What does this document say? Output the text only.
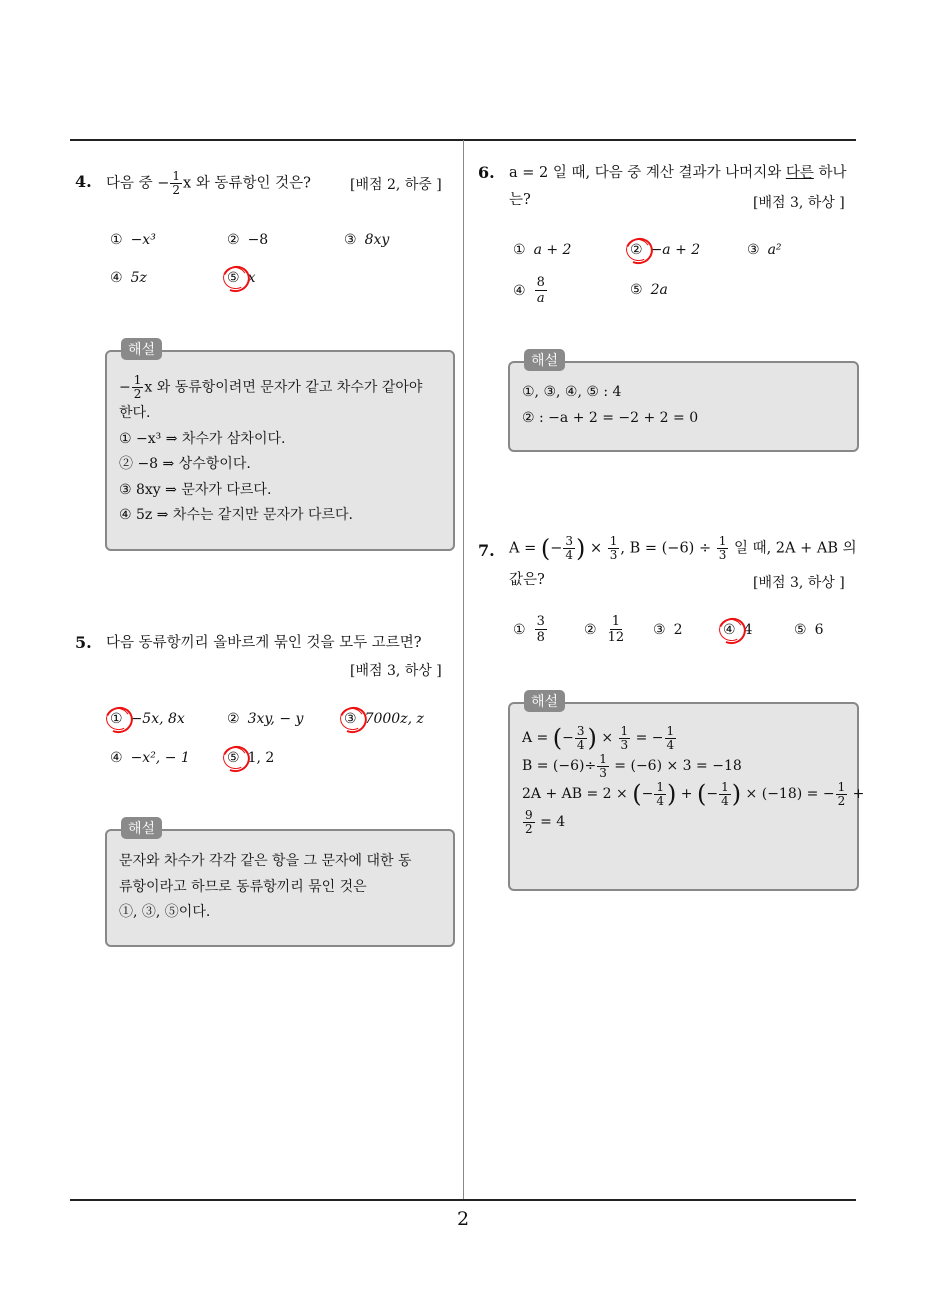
2
4. 다음 중 − $\frac{1}{2}$ x 와 동류항인 것은?	[배점 2, 하중 ]
① −x³	② −8	③ 8xy
④ 5z	⑤ x
해설
− $\frac{1}{2}$ x 와 동류항이려면 문자가 같고 차수가 같아야
한다.
① −x³ ⇒ 차수가 삼차이다.
② −8 ⇒ 상수항이다.
③ 8xy ⇒ 문자가 다르다.
④ 5z ⇒ 차수는 같지만 문자가 다르다.
5. 다음 동류항끼리 올바르게 묶인 것을 모두 고르면?
[배점 3, 하상 ]
① −5x, 8x	② 3xy, − y	③ 7000z, z
④ −x², − 1	⑤ 1, 2
해설
문자와 차수가 각각 같은 항을 그 문자에 대한 동
류항이라고 하므로 동류항끼리 묶인 것은
①, ③, ⑤이다.
6. a = 2 일 때, 다음 중 계산 결과가 나머지와 다른 하나
는?	[배점 3, 하상 ]
① a + 2	② −a + 2	③ a²
④ $\frac{8}{a}$	⑤ 2a
해설
①, ③, ④, ⑤ : 4
② : −a + 2 = −2 + 2 = 0
7. A = (− $\frac{3}{4}$ ) × $\frac{1}{3}$ , $B = (-6) \div \frac{1}{3}$ 일 때, 2A + AB 의
값은?	[배점 3, 하상 ]
① $\frac{3}{8}$	② $\frac{1}{12}$ ③ 2	④ 4	⑤ 6
해설
A = (− $\frac{3}{4}$ ) × $\frac{1}{3}$ = − $\frac{1}{4}$
$B = (-6)\div \frac{1}{3} = (-6) \times 3 = -18$
2A + AB = 2 × (− $\frac{1}{4}$ ) + (− $\frac{1}{4}$ ) × (−18) = − $\frac{1}{2}$ +
$\frac{9}{2} = 4$
